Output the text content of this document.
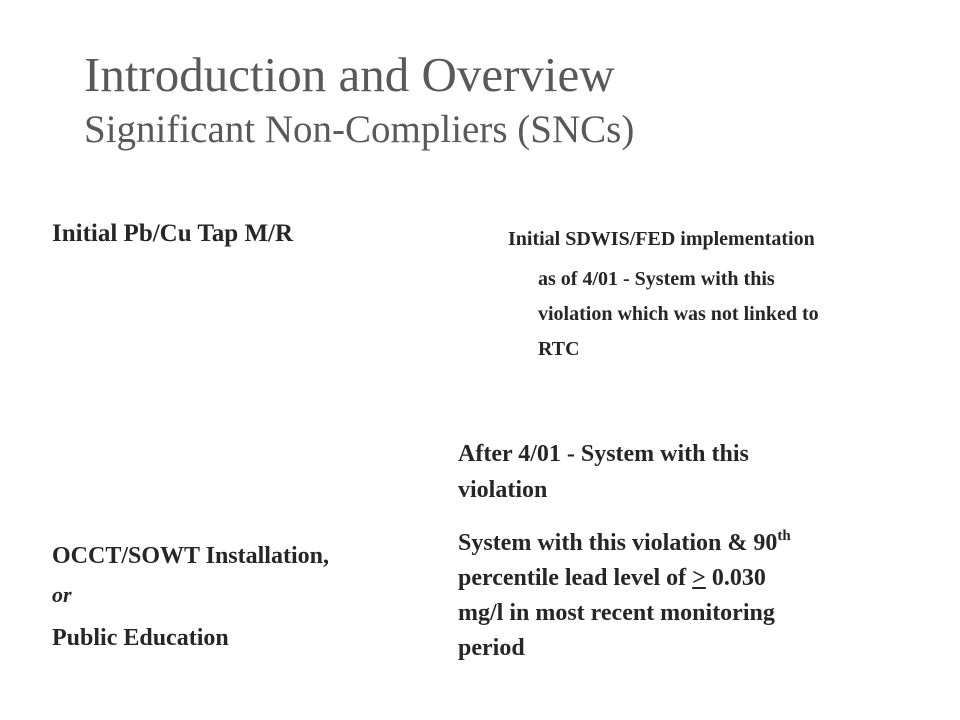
Introduction and Overview
Significant Non-Compliers (SNCs)
Initial Pb/Cu Tap M/R
OCCT/SOWT Installation,
or
Public Education
Initial SDWIS/FED implementation
as of 4/01 - System with this
violation which was not linked to
RTC
After 4/01 - System with this
violation
System with this violation & 90th
percentile lead level of > 0.030
mg/l in most recent monitoring
period
